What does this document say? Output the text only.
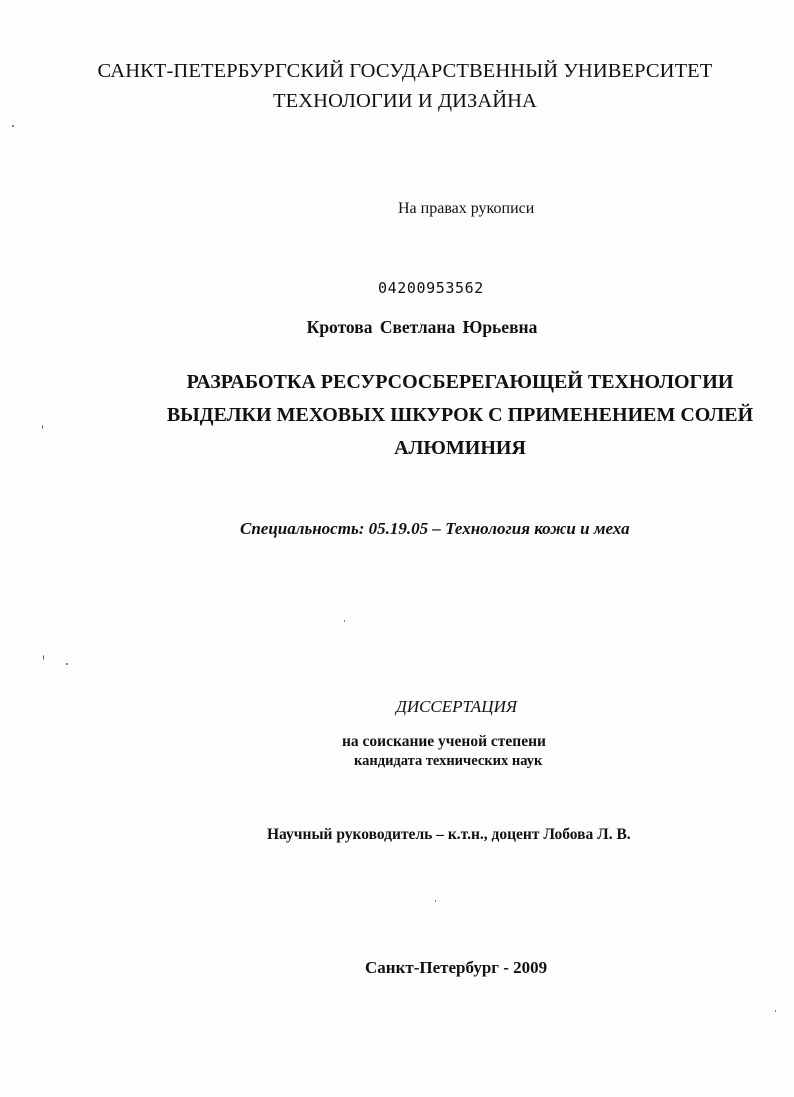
САНКТ-ПЕТЕРБУРГСКИЙ ГОСУДАРСТВЕННЫЙ УНИВЕРСИТЕТ
ТЕХНОЛОГИИ И ДИЗАЙНА
На правах рукописи
04200953562
Кротова Светлана Юрьевна
РАЗРАБОТКА РЕСУРСОСБЕРЕГАЮЩЕЙ ТЕХНОЛОГИИ
ВЫДЕЛКИ МЕХОВЫХ ШКУРОК С ПРИМЕНЕНИЕМ СОЛЕЙ
АЛЮМИНИЯ
Специальность: 05.19.05 – Технология кожи и меха
ДИССЕРТАЦИЯ
на соискание ученой степени
кандидата технических наук
Научный руководитель – к.т.н., доцент Лобова Л. В.
Санкт-Петербург - 2009
